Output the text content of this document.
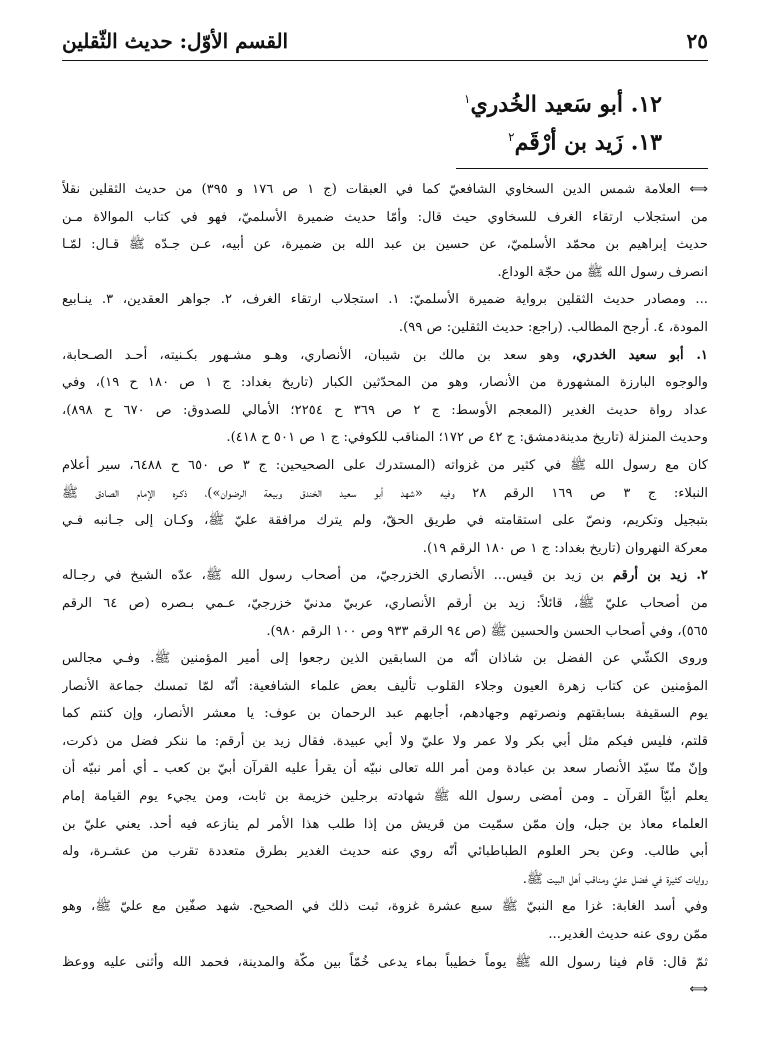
القسم الأوّل: حديث الثّقلين	٢٥
١٢. أبو سَعيد الخُدري$^١$
١٣. زَيد بن أرْقَم$^٢$
⟺ العلامة شمس الدين السخاوي الشافعيّ كما في العبقات (ج ١ ص ١٧٦ و ٣٩٥) من حديث الثقلين نقلاً
من استجلاب ارتقاء الغرف للسخاوي حيث قال: وأمّا حديث ضميرة الأسلميّ، فهو في كتاب الموالاة مـن
حديث إبراهيم بن محمّد الأسلميّ، عن حسين بن عبد الله بن ضميرة، عن أبيه، عـن جـدّه ﷺ قـال: لمّـا
انصرف رسول الله ﷺ من حجّة الوداع.
... ومصادر حديث الثقلين برواية ضميرة الأسلميّ: ١. استجلاب ارتقاء الغرف، ٢. جواهر العقدين، ٣. ينـابيع
المودة، ٤. أرجح المطالب. (راجع: حديث الثقلين: ص ٩٩).
١. أبو سعيد الخدري، وهو سعد بن مالك بن شيبان، الأنصاري، وهـو مشـهور بكـنيته، أحـد الصـحابة،
والوجوه البارزة المشهورة من الأنصار، وهو من المحدّثين الكبار (تاريخ بغداد: ج ١ ص ١٨٠ ح ١٩)، وفي
عداد رواة حديث الغدير (المعجم الأوسط: ج ٢ ص ٣٦٩ ح ٢٢٥٤؛ الأمالي للصدوق: ص ٦٧٠ ح ٨٩٨)،
وحديث المنزلة (تاريخ مدينةدمشق: ج ٤٢ ص ١٧٢؛ المناقب للكوفي: ج ١ ص ٥٠١ ح ٤١٨).
كان مع رسول الله ﷺ في كثير من غزواته (المستدرك على الصحيحين: ج ٣ ص ٦٥٠ ح ٦٤٨٨، سير أعلام
النبلاء: ج ٣ ص ١٦٩ الرقم ٢٨ وفيه «شهد أبو سعيد الخندق وبيعة الرضوان»)، ذكـره الإمام الصادق ﷺ
بتبجيل وتكريم، ونصّ على استقامته في طريق الحقّ، ولم يترك مرافقة عليّ ﷺ، وكـان إلى جـانبه فـي
معركة النهروان (تاريخ بغداد: ج ١ ص ١٨٠ الرقم ١٩).
٢. زيد بن أرقم بن زيد بن قيس... الأنصاري الخزرجيّ، من أصحاب رسول الله ﷺ، عدّه الشيخ في رجـاله
من أصحاب عليّ ﷺ، قائلاً: زيد بن أرقم الأنصاري، عربيّ مدنيّ خزرجيّ، عـمي بـصره (ص ٦٤ الرقم
٥٦٥)، وفي أصحاب الحسن والحسين ﷺ (ص ٩٤ الرقم ٩٣٣ وص ١٠٠ الرقم ٩٨٠).
وروى الكشّي عن الفضل بن شاذان أنّه من السابقين الذين رجعوا إلى أمير المؤمنين ﷺ. وفـي مجالس
المؤمنين عن كتاب زهرة العيون وجلاء القلوب تأليف بعض علماء الشافعية: أنّه لمّا تمسك جماعة الأنصار
يوم السقيفة بسابقتهم ونصرتهم وجهادهم، أجابهم عبد الرحمان بن عوف: يا معشر الأنصار، وإن كنتم كما
قلتم، فليس فيكم مثل أبي بكر ولا عمر ولا عليّ ولا أبي عبيدة. فقال زيد بن أرقم: ما ننكر فضل من ذكرت،
وإنّ منّا سيّد الأنصار سعد بن عبادة ومن أمر الله تعالى نبيّه أن يقرأ عليه القرآن أبيّ بن كعب ـ أي أمر نبيّه أن
يعلم أبيّاً القرآن ـ ومن أمضى رسول الله ﷺ شهادته برجلين خزيمة بن ثابت، ومن يجيء يوم القيامة إمام
العلماء معاذ بن جبل، وإن ممّن سمّيت من قريش من إذا طلب هذا الأمر لم ينازعه فيه أحد. يعني عليّ بن
أبي طالب. وعن بحر العلوم الطباطبائي أنّه روي عنه حديث الغدير بطرق متعددة تقرب من عشـرة، وله
روايات كثيرة في فضل عليّ ومناقب أهل البيت ﷺ.
وفي أسد الغابة: غزا مع النبيّ ﷺ سبع عشرة غزوة، ثبت ذلك في الصحيح. شهد صفّين مع عليّ ﷺ، وهو
ممّن روى عنه حديث الغدير...
ثمّ قال: قام فينا رسول الله ﷺ يوماً خطيباً بماء يدعى خُمّاً بين مكّة والمدينة، فحمد الله وأثنى عليه ووعظ
⟺
